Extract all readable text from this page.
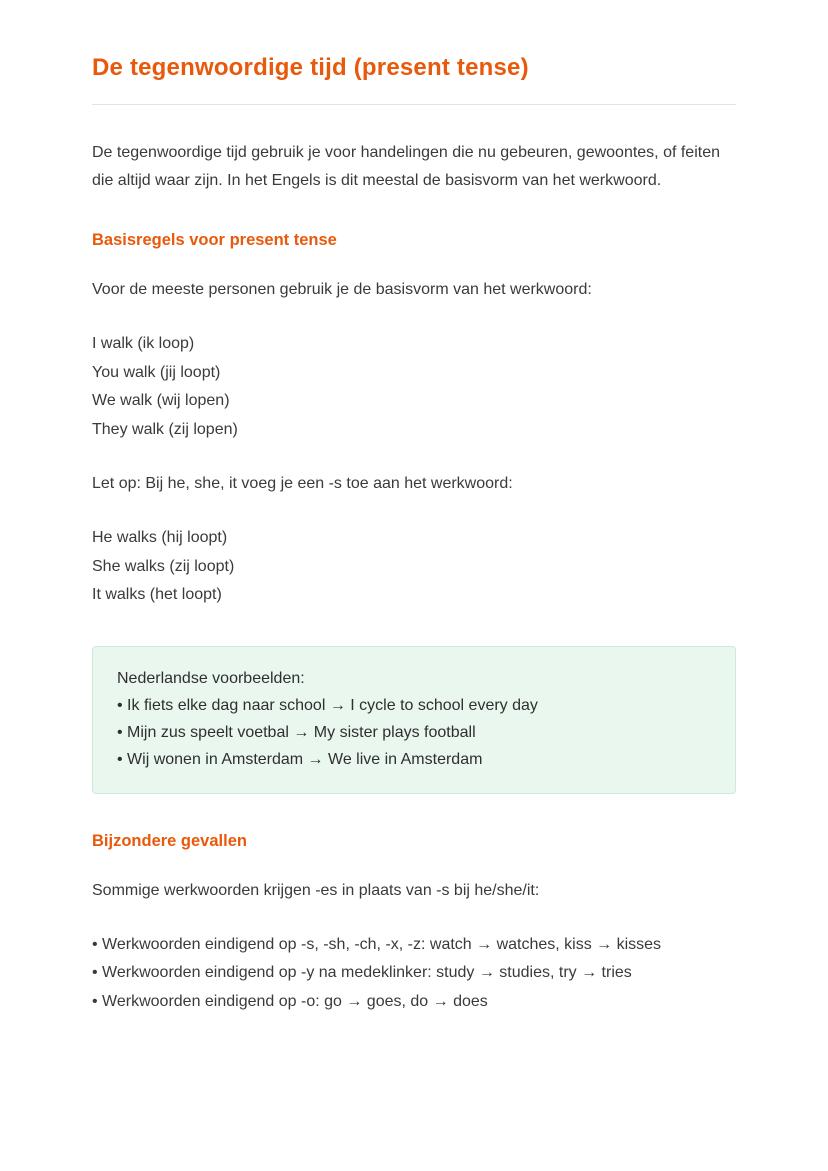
De tegenwoordige tijd (present tense)

De tegenwoordige tijd gebruik je voor handelingen die nu gebeuren, gewoontes, of feiten die altijd waar zijn. In het Engels is dit meestal de basisvorm van het werkwoord.

Basisregels voor present tense

Voor de meeste personen gebruik je de basisvorm van het werkwoord:

I walk (ik loop)
You walk (jij loopt)
We walk (wij lopen)
They walk (zij lopen)

Let op: Bij he, she, it voeg je een -s toe aan het werkwoord:

He walks (hij loopt)
She walks (zij loopt)
It walks (het loopt)
Nederlandse voorbeelden:
• Ik fiets elke dag naar school → I cycle to school every day
• Mijn zus speelt voetbal → My sister plays football
• Wij wonen in Amsterdam → We live in Amsterdam
Bijzondere gevallen

Sommige werkwoorden krijgen -es in plaats van -s bij he/she/it:

• Werkwoorden eindigend op -s, -sh, -ch, -x, -z: watch → watches, kiss → kisses
• Werkwoorden eindigend op -y na medeklinker: study → studies, try → tries
• Werkwoorden eindigend op -o: go → goes, do → does
